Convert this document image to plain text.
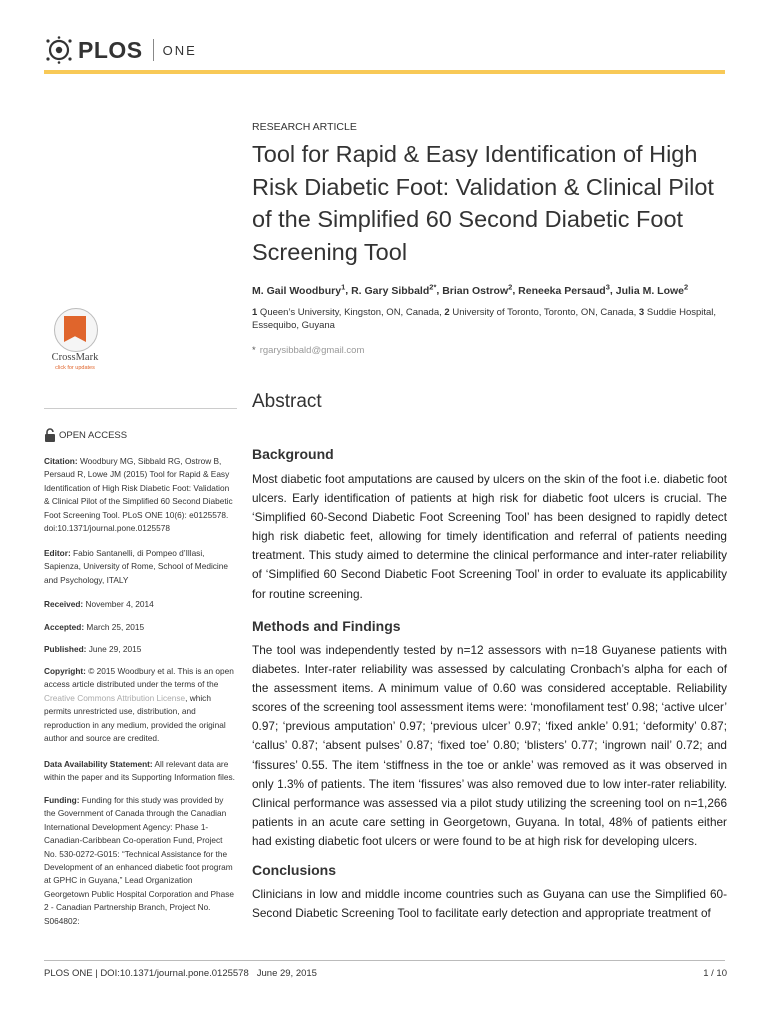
PLOS ONE
RESEARCH ARTICLE
Tool for Rapid & Easy Identification of High Risk Diabetic Foot: Validation & Clinical Pilot of the Simplified 60 Second Diabetic Foot Screening Tool
M. Gail Woodbury$^1$, R. Gary Sibbald$^{2*}$, Brian Ostrow$^2$, Reneeka Persaud$^3$, Julia M. Lowe$^2$
1 Queen’s University, Kingston, ON, Canada, 2 University of Toronto, Toronto, ON, Canada, 3 Suddie Hospital, Essequibo, Guyana
* rgarysibbald@gmail.com
Abstract
Background

Most diabetic foot amputations are caused by ulcers on the skin of the foot i.e. diabetic foot ulcers. Early identification of patients at high risk for diabetic foot ulcers is crucial. The ‘Simplified 60-Second Diabetic Foot Screening Tool’ has been designed to rapidly detect high risk diabetic feet, allowing for timely identification and referral of patients needing treatment. This study aimed to determine the clinical performance and inter-rater reliability of ‘Simplified 60 Second Diabetic Foot Screening Tool’ in order to evaluate its applicability for routine screening.

Methods and Findings

The tool was independently tested by n=12 assessors with n=18 Guyanese patients with diabetes. Inter-rater reliability was assessed by calculating Cronbach’s alpha for each of the assessment items. A minimum value of 0.60 was considered acceptable. Reliability scores of the screening tool assessment items were: ‘monofilament test’ 0.98; ‘active ulcer’ 0.97; ‘previous amputation’ 0.97; ‘previous ulcer’ 0.97; ‘fixed ankle’ 0.91; ‘deformity’ 0.87; ‘callus’ 0.87; ‘absent pulses’ 0.87; ‘fixed toe’ 0.80; ‘blisters’ 0.77; ‘ingrown nail’ 0.72; and ‘fissures’ 0.55. The item ‘stiffness in the toe or ankle’ was removed as it was observed in only 1.3% of patients. The item ‘fissures’ was also removed due to low inter-rater reliability. Clinical performance was assessed via a pilot study utilizing the screening tool on n=1,266 patients in an acute care setting in Georgetown, Guyana. In total, 48% of patients either had existing diabetic foot ulcers or were found to be at high risk for developing ulcers.

Conclusions

Clinicians in low and middle income countries such as Guyana can use the Simplified 60-Second Diabetic Screening Tool to facilitate early detection and appropriate treatment of

CrossMark
click for updates
OPEN ACCESS
Citation: Woodbury MG, Sibbald RG, Ostrow B, Persaud R, Lowe JM (2015) Tool for Rapid & Easy Identification of High Risk Diabetic Foot: Validation & Clinical Pilot of the Simplified 60 Second Diabetic Foot Screening Tool. PLoS ONE 10(6): e0125578. doi:10.1371/journal.pone.0125578
Editor: Fabio Santanelli, di Pompeo d’Illasi, Sapienza, University of Rome, School of Medicine and Psychology, ITALY
Received: November 4, 2014
Accepted: March 25, 2015
Published: June 29, 2015
Copyright: © 2015 Woodbury et al. This is an open access article distributed under the terms of the Creative Commons Attribution License, which permits unrestricted use, distribution, and reproduction in any medium, provided the original author and source are credited.
Data Availability Statement: All relevant data are within the paper and its Supporting Information files.
Funding: Funding for this study was provided by the Government of Canada through the Canadian International Development Agency: Phase 1- Canadian-Caribbean Co-operation Fund, Project No. 530-0272-G015: “Technical Assistance for the Development of an enhanced diabetic foot program at GPHC in Guyana,” Lead Organization Georgetown Public Hospital Corporation and Phase 2 - Canadian Partnership Branch, Project No. S064802:
PLOS ONE | DOI:10.1371/journal.pone.0125578 June 29, 2015	1 / 10
